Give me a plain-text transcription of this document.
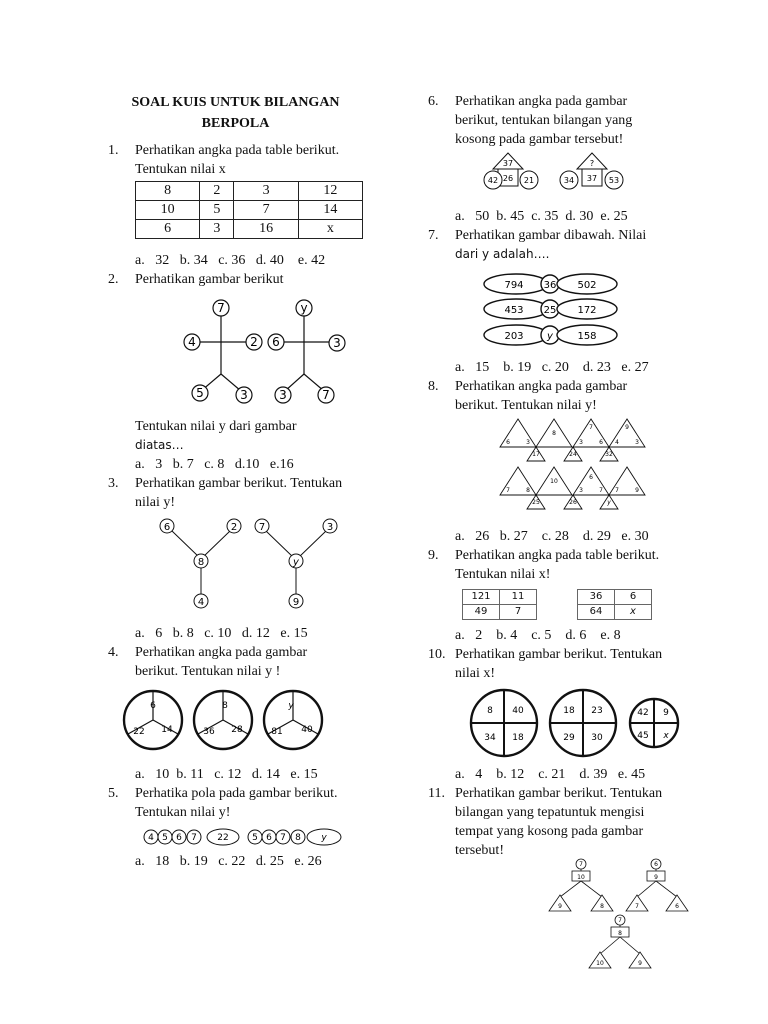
SOAL KUIS UNTUK BILANGAN
BERPOLA
1.	Perhatikan angka pada table berikut.
Tentukan nilai x
8	2	3	12
10	5	7	14
6	3	16	x
a.   32   b. 34   c. 36   d. 40    e. 42
2.	Perhatikan gambar berikut
7
4	2
5	3
y
6	3
3	7
Tentukan nilai y dari gambar
diatas…
a.   3   b. 7   c. 8   d.10   e.16
3.	Perhatikan gambar berikut. Tentukan
nilai y!
6	2
8
4
7	3
y
9
a.   6   b. 8   c. 10   d. 12   e. 15
4.	Perhatikan angka pada gambar
berikut. Tentukan nilai y !
6
22 14
8
36 28
y
81 40
a.   10  b. 11   c. 12   d. 14   e. 15
5.	Perhatika pola pada gambar berikut.
Tentukan nilai y!
4 5 6 7 22	5 6 7 8 y
a.   18   b. 19   c. 22   d. 25   e. 26
6.	Perhatikan angka pada gambar
berikut, tentukan bilangan yang
kosong pada gambar tersebut!
37
42 26 21
?
34 37 53
a.   50  b. 45  c. 35  d. 30  e. 25
7.	Perhatikan gambar dibawah. Nilai
dari y adalah….
794 36 502
453 25 172
203 y 158
a.   15    b. 19   c. 20    d. 23   e. 27
8.	Perhatikan angka pada gambar
berikut. Tentukan nilai y!
6	3
8
7
3	6
9
4	3
17	24	32
7	8
10
6
3	7 7	9
25	26	y
a.   26   b. 27    c. 28    d. 29   e. 30
9.	Perhatikan angka pada table berikut.
Tentukan nilai x!
121	11
49	7
36	6
64	x
a.   2    b. 4    c. 5    d. 6    e. 8
10. Perhatikan gambar berikut. Tentukan
nilai x!
8 40
34 18
18 23
29 30
42 9
45 x
a.   4    b. 12    c. 21    d. 39   e. 45
11. Perhatikan gambar berikut. Tentukan
bilangan yang tepatuntuk mengisi
tempat yang kosong pada gambar
tersebut!
7
10
9	8
6
9
7	6
7
8
10	9
